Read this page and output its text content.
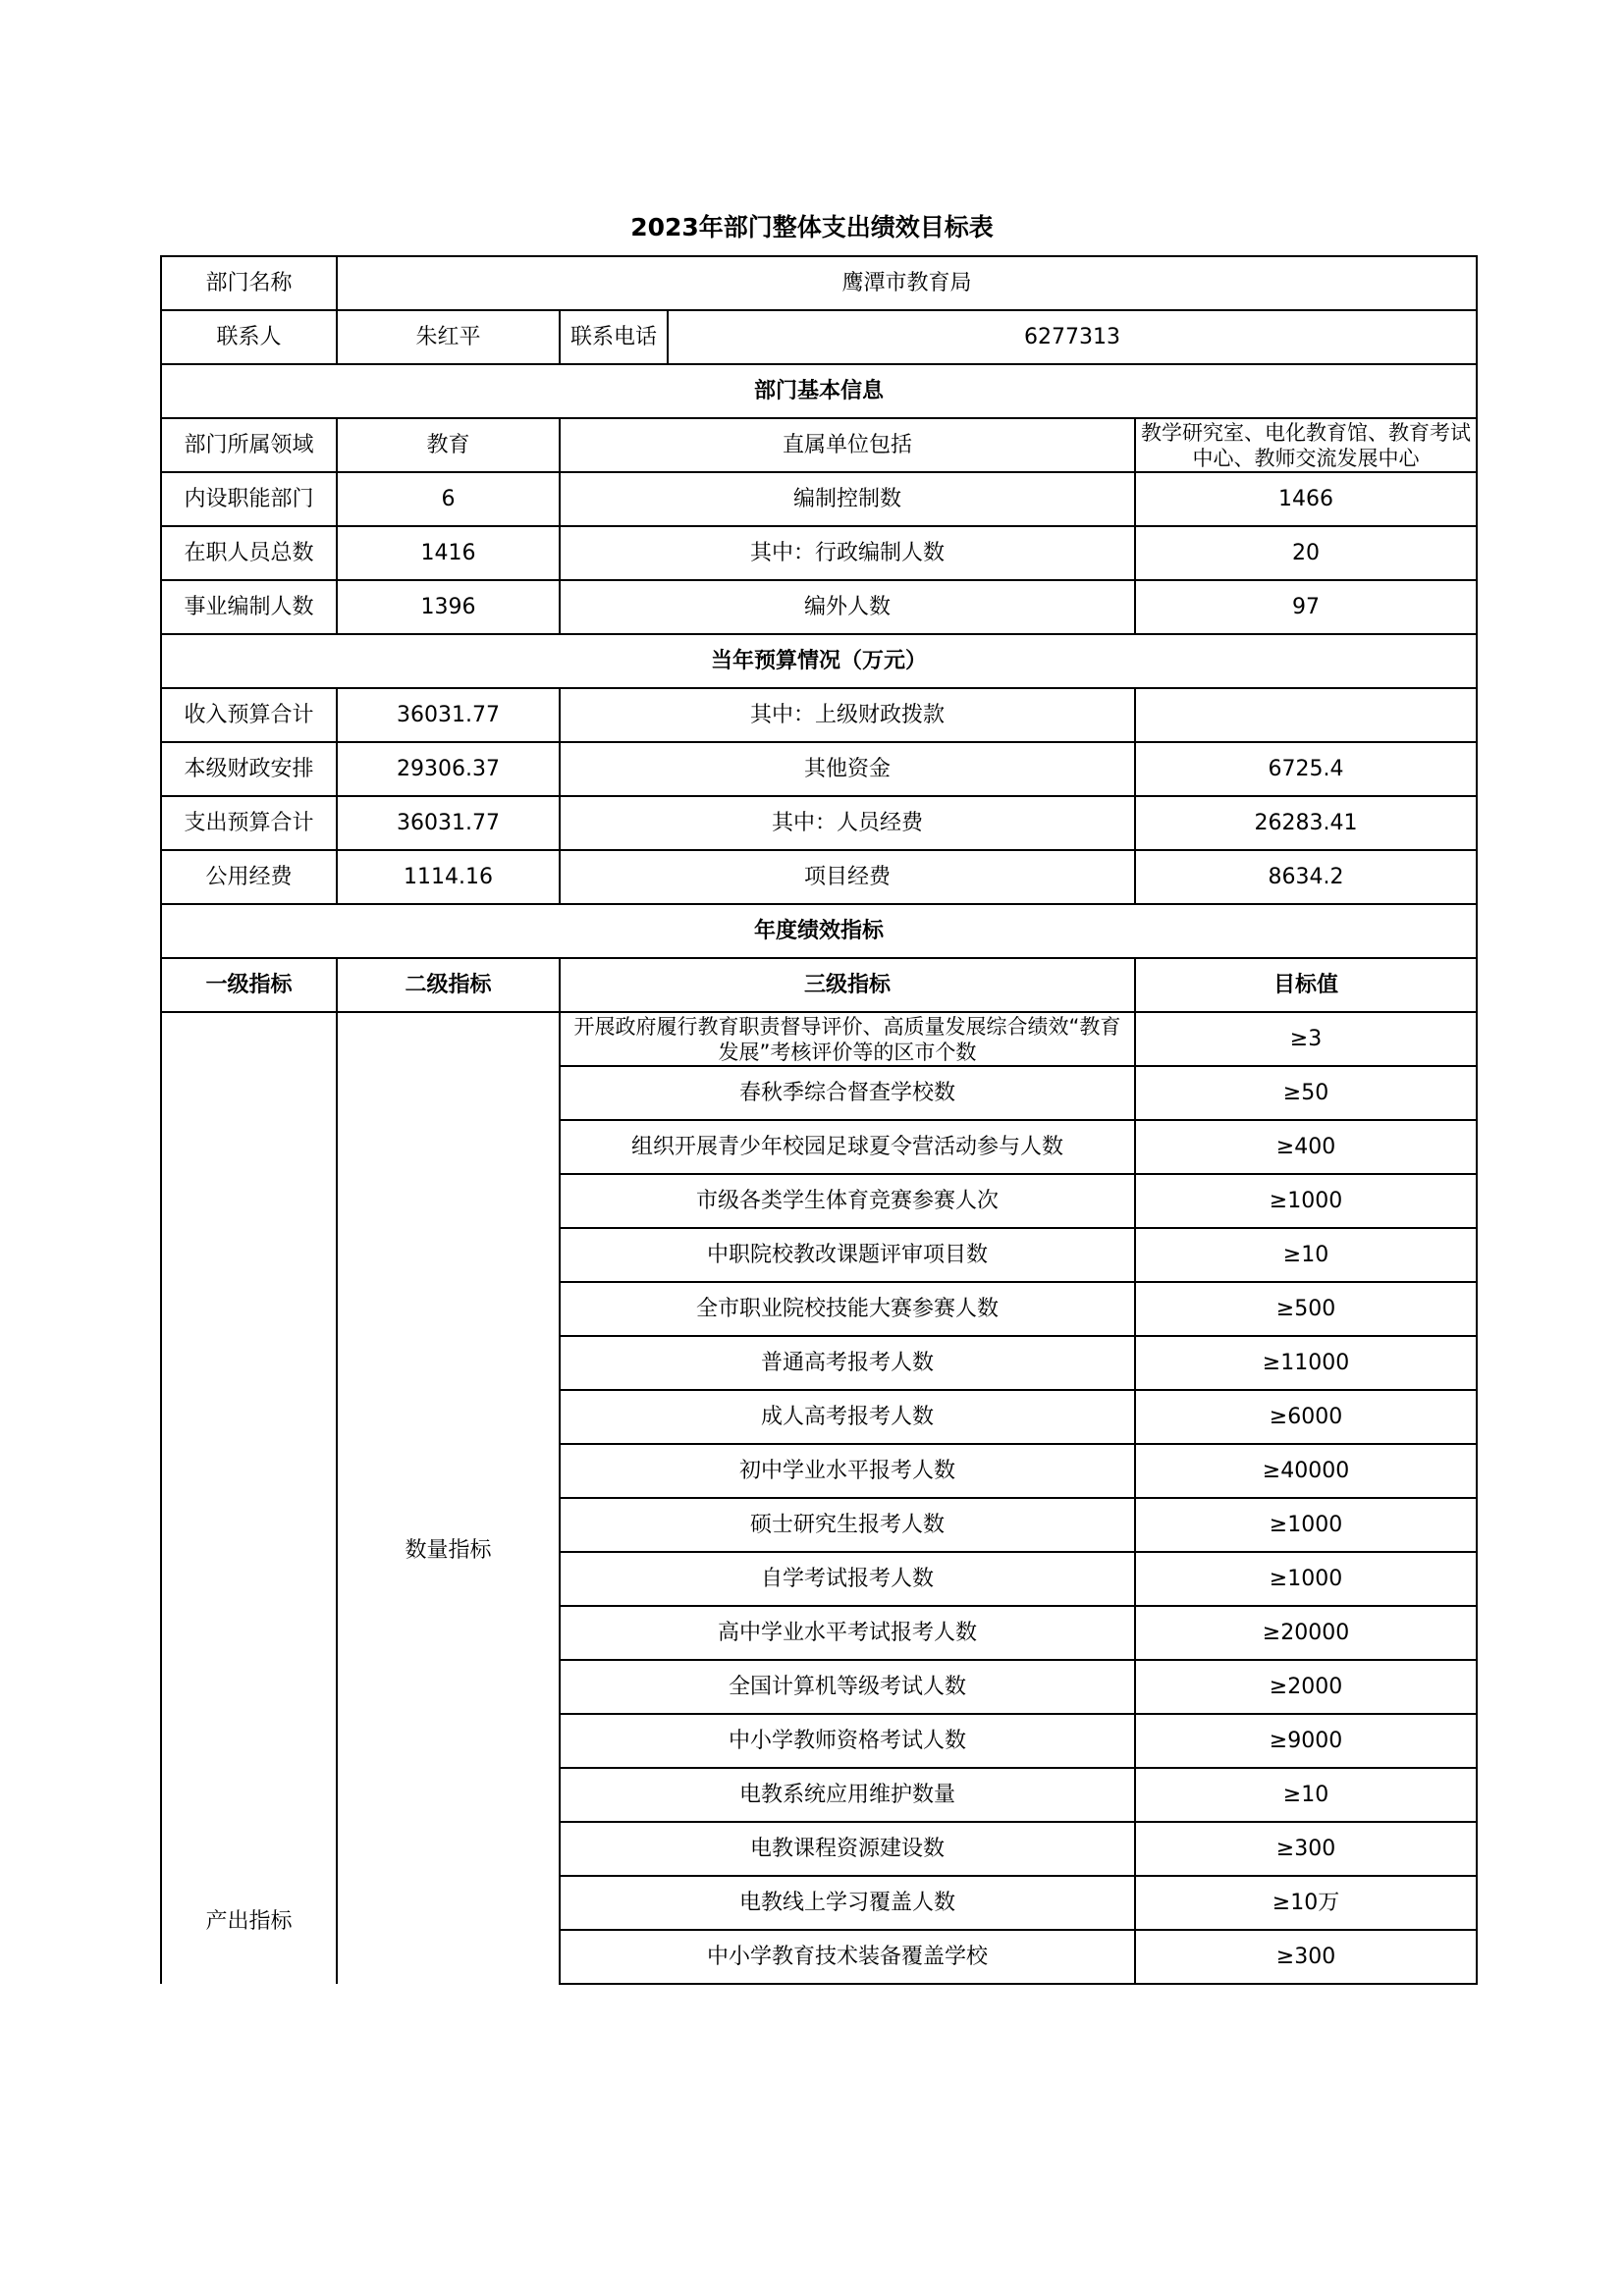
2023年部门整体支出绩效目标表
部门名称	鹰潭市教育局			
联系人	朱红平	联系电话	6277313	
部门基本信息				
部门所属领域	教育	直属单位包括		教学研究室、电化教育馆、教育考试中心、教师交流发展中心
内设职能部门	6	编制控制数		1466
在职人员总数	1416	其中：行政编制人数		20
事业编制人数	1396	编外人数		97
当年预算情况（万元）				
收入预算合计	36031.77	其中：上级财政拨款		
本级财政安排	29306.37	其他资金		6725.4
支出预算合计	36031.77	其中：人员经费		26283.41
公用经费	1114.16	项目经费		8634.2
年度绩效指标				
一级指标	二级指标	三级指标		目标值
产出指标	数量指标	开展政府履行教育职责督导评价、高质量发展综合绩效“教育发展”考核评价等的区市个数		≥3
		春秋季综合督查学校数		≥50
		组织开展青少年校园足球夏令营活动参与人数		≥400
		市级各类学生体育竞赛参赛人次		≥1000
		中职院校教改课题评审项目数		≥10
		全市职业院校技能大赛参赛人数		≥500
		普通高考报考人数		≥11000
		成人高考报考人数		≥6000
		初中学业水平报考人数		≥40000
		硕士研究生报考人数		≥1000
		自学考试报考人数		≥1000
		高中学业水平考试报考人数		≥20000
		全国计算机等级考试人数		≥2000
		中小学教师资格考试人数		≥9000
		电教系统应用维护数量		≥10
		电教课程资源建设数		≥300
		电教线上学习覆盖人数		≥10万
		中小学教育技术装备覆盖学校		≥300
